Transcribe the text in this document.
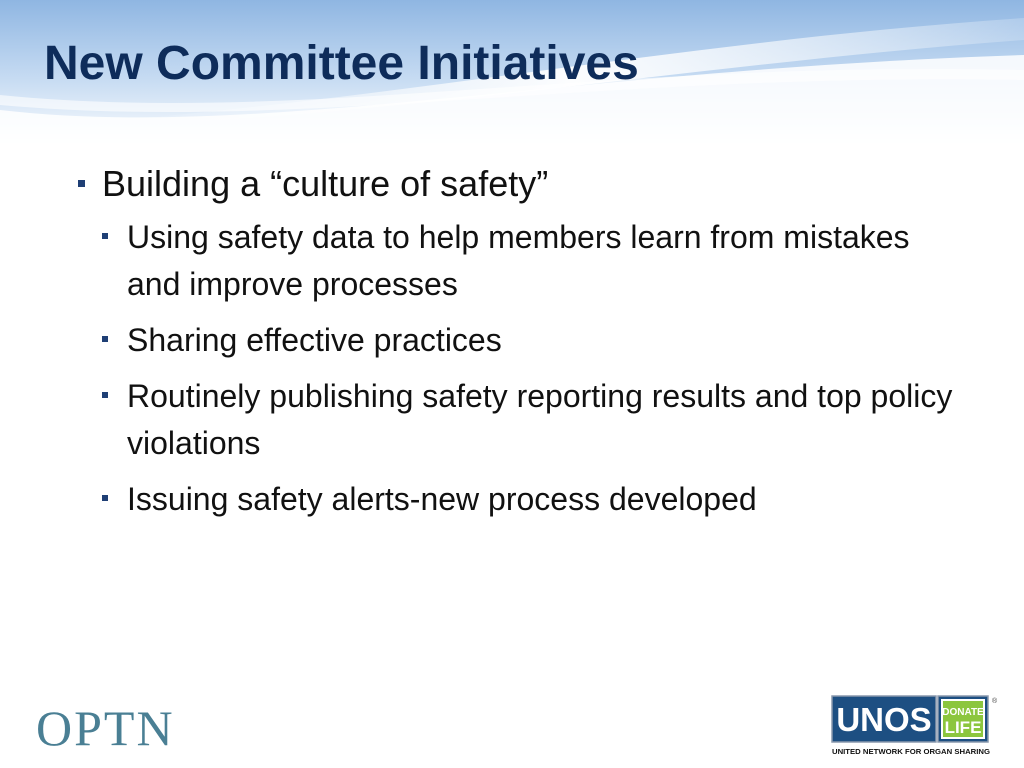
New Committee Initiatives
Building a “culture of safety”
Using safety data to help members learn from mistakes and improve processes
Sharing effective practices
Routinely publishing safety reporting results and top policy violations
Issuing safety alerts-new process developed
OPTN	UNOS DONATE
LIFE
®
UNITED NETWORK FOR ORGAN SHARING
